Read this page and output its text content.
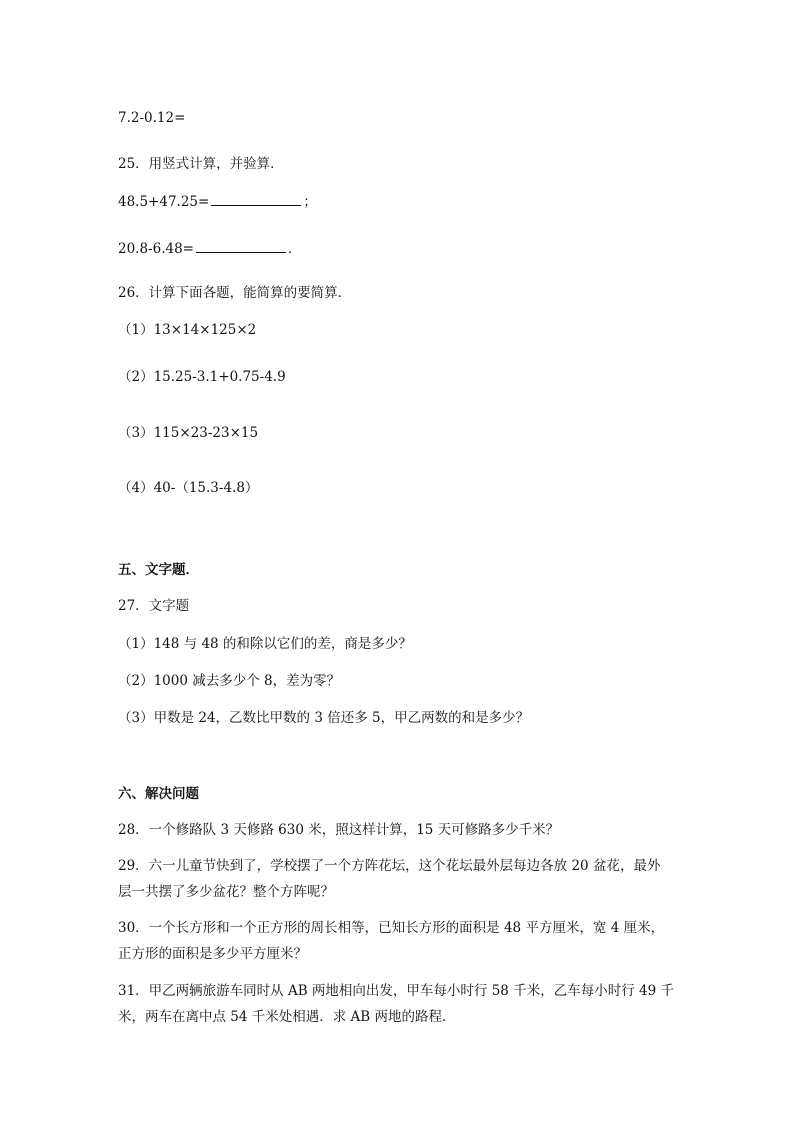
7.2-0.12=
25．用竖式计算，并验算．
48.5+47.25=	；
20.8-6.48=	．
26．计算下面各题，能简算的要简算．
（1）13×14×125×2
（2）15.25-3.1+0.75-4.9
（3）115×23-23×15
（4）40-（15.3-4.8）
五、文字题．
27．文字题
（1）148 与 48 的和除以它们的差，商是多少？
（2）1000 减去多少个 8，差为零？
（3）甲数是 24，乙数比甲数的 3 倍还多 5，甲乙两数的和是多少？
六、解决问题
28．一个修路队 3 天修路 630 米，照这样计算，15 天可修路多少千米？
29．六一儿童节快到了，学校摆了一个方阵花坛，这个花坛最外层每边各放 20 盆花，最外
层一共摆了多少盆花？整个方阵呢？
30．一个长方形和一个正方形的周长相等，已知长方形的面积是 48 平方厘米，宽 4 厘米，
正方形的面积是多少平方厘米？
31．甲乙两辆旅游车同时从 AB 两地相向出发，甲车每小时行 58 千米，乙车每小时行 49 千
米，两车在离中点 54 千米处相遇．求 AB 两地的路程．
